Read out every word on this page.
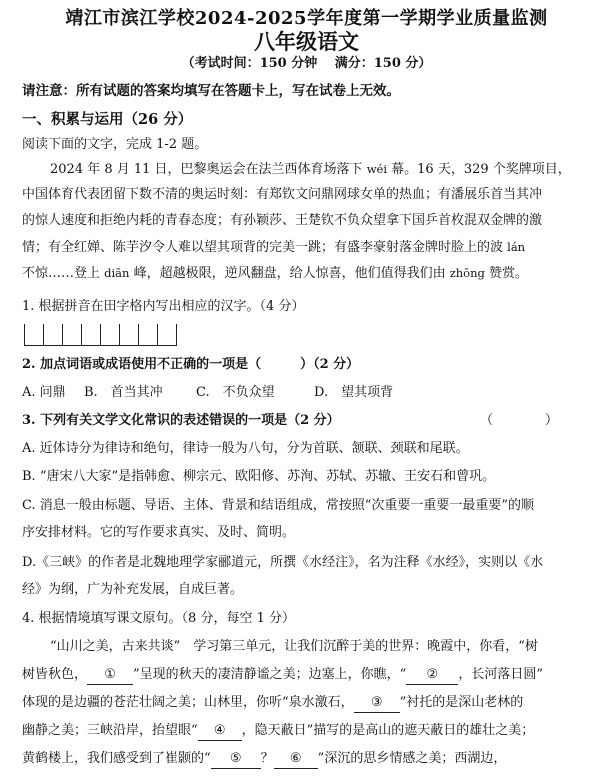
靖江市滨江学校2024-2025学年度第一学期学业质量监测
八年级语文
（考试时间：150 分钟　 满分：150 分）
请注意：所有试题的答案均填写在答题卡上，写在试卷上无效。
一、积累与运用（26 分）
阅读下面的文字，完成 1-2 题。
2024 年 8 月 11 日，巴黎奥运会在法兰西体育场落下 wéi 幕。16 天，329 个奖牌项目，
中国体育代表团留下数不清的奥运时刻：有郑钦文问鼎网球女单的热血；有潘展乐首当其冲
的惊人速度和拒绝内耗的青春态度；有孙颖莎、王楚钦不负众望拿下国乒首枚混双金牌的激
情；有全红婵、陈芋汐令人难以望其项背的完美一跳；有盛李豪射落金牌时脸上的波 lán
不惊……登上 diān 峰，超越极限，逆风翻盘，给人惊喜，他们值得我们由 zhōng 赞赏。
1. 根据拼音在田字格内写出相应的汉字。（4 分）
2. 加点词语或成语使用不正确的一项是（　　　）（2 分）
A. 问鼎 B.　首当其冲	C.　不负众望	D.　望其项背
3. 下列有关文学文化常识的表述错误的一项是（2 分）	（　　　　）
A. 近体诗分为律诗和绝句，律诗一般为八句，分为首联、颔联、颈联和尾联。
B. “唐宋八大家”是指韩愈、柳宗元、欧阳修、苏洵、苏轼、苏辙、王安石和曾巩。
C. 消息一般由标题、导语、主体、背景和结语组成，常按照“次重要一重要一最重要”的顺
序安排材料。它的写作要求真实、及时、简明。
D.《三峡》的作者是北魏地理学家郦道元，所撰《水经注》，名为注释《水经》，实则以《水
经》为纲，广为补充发展，自成巨著。
4. 根据情境填写课文原句。（8 分，每空 1 分）
“山川之美，古来共谈”　学习第三单元，让我们沉醉于美的世界：晚霞中，你看，“树
树皆秋色， ① ”呈现的秋天的凄清静谧之美；边塞上，你瞧，“ ② ，长河落日圆”
体现的是边疆的苍茫壮阔之美；山林里，你听“泉水激石， ③ ”衬托的是深山老林的
幽静之美；三峡沿岸，抬望眼“ ④ ，隐天蔽日”描写的是高山的遮天蔽日的雄壮之美；
黄鹤楼上，我们感受到了崔颢的“ ⑤ ？ ⑥ ”深沉的思乡情感之美；西湖边，
